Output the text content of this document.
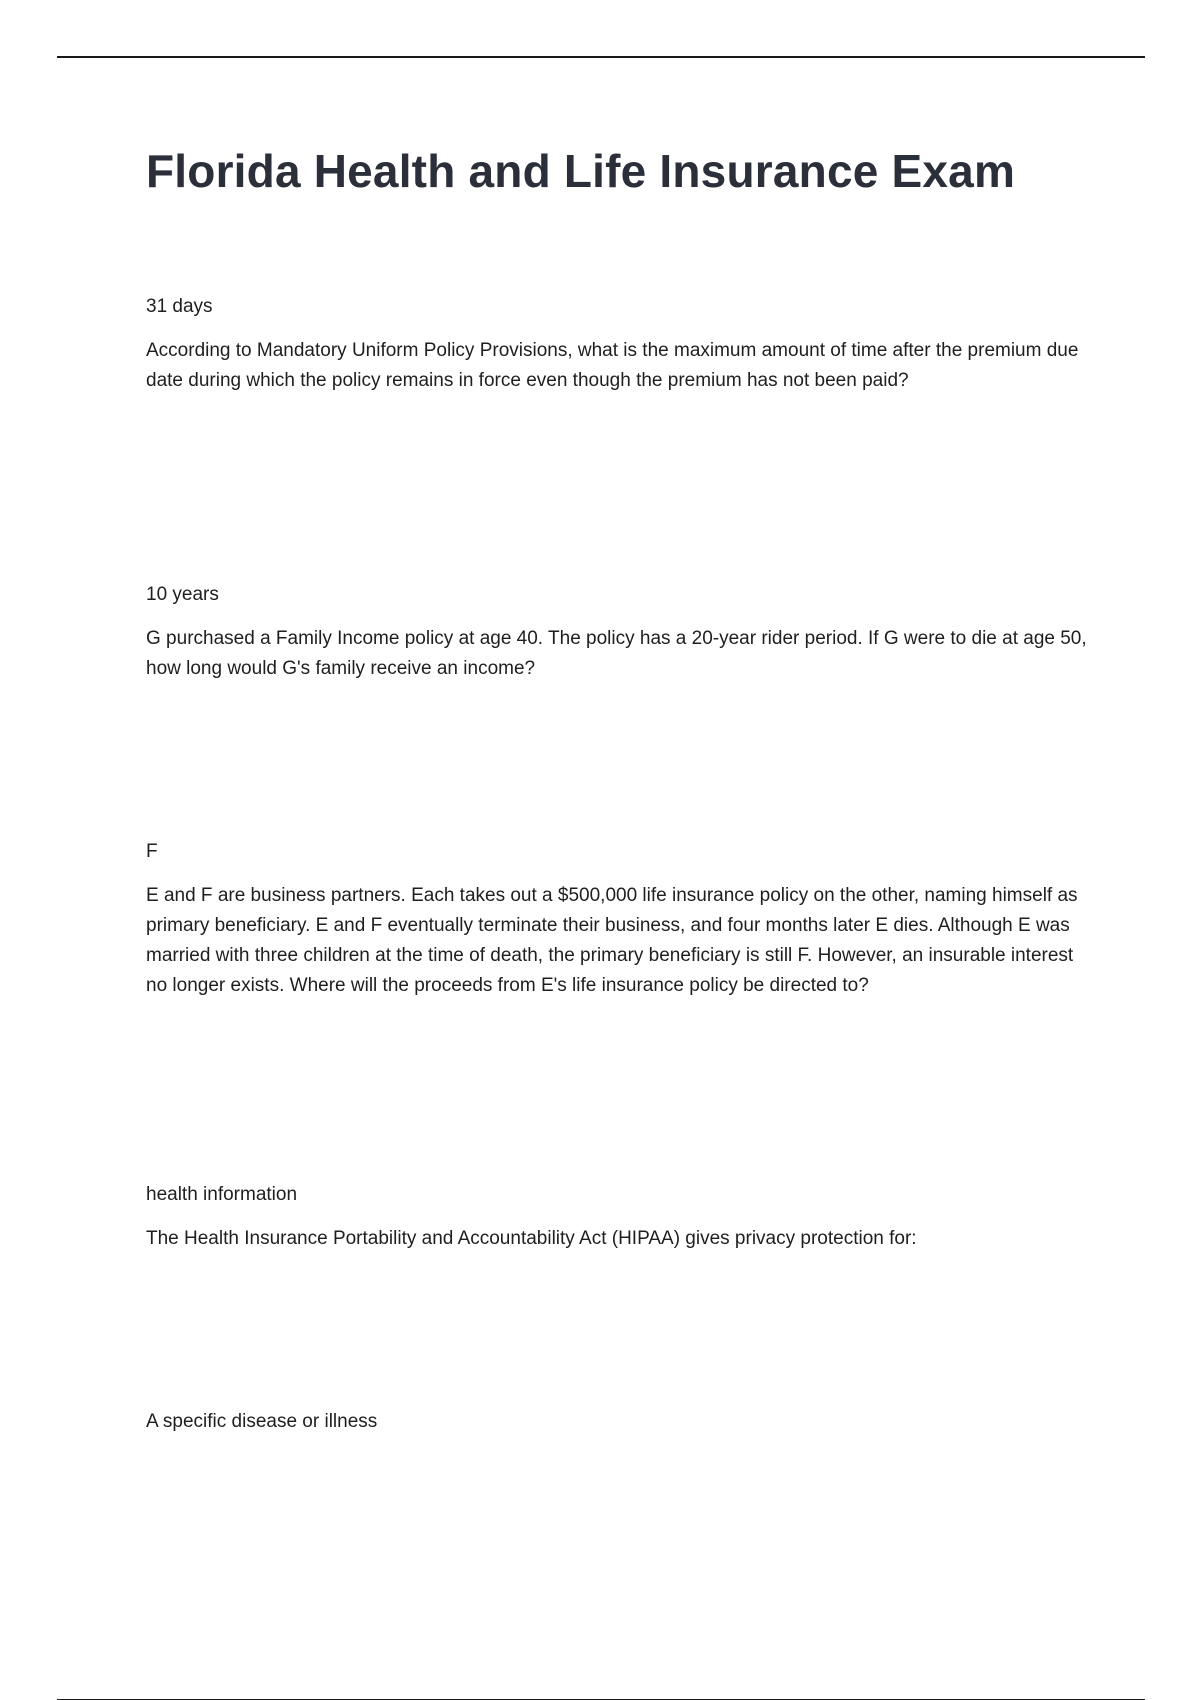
Florida Health and Life Insurance Exam

31 days

According to Mandatory Uniform Policy Provisions, what is the maximum amount of time after the premium due date during which the policy remains in force even though the premium has not been paid?

10 years

G purchased a Family Income policy at age 40. The policy has a 20-year rider period. If G were to die at age 50, how long would G's family receive an income?

F

E and F are business partners. Each takes out a $500,000 life insurance policy on the other, naming himself as primary beneficiary. E and F eventually terminate their business, and four months later E dies. Although E was married with three children at the time of death, the primary beneficiary is still F. However, an insurable interest no longer exists. Where will the proceeds from E's life insurance policy be directed to?

health information

The Health Insurance Portability and Accountability Act (HIPAA) gives privacy protection for:

A specific disease or illness
